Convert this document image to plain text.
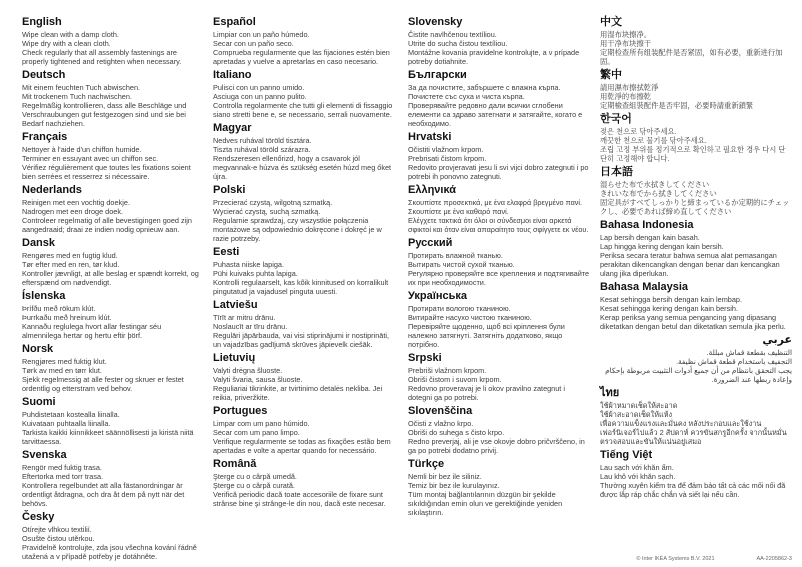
English
Wipe clean with a damp cloth.
Wipe dry with a clean cloth.
Check regularly that all assembly fastenings are properly tightened and retighten when necessary.
Deutsch
Mit einem feuchten Tuch abwischen.
Mit trockenem Tuch nachwischen.
Regelmäßig kontrollieren, dass alle Beschläge und Verschraubungen gut festgezogen sind und sie bei Bedarf nachziehen.
Français
Nettoyer à l'aide d'un chiffon humide.
Terminer en essuyant avec un chiffon sec.
Vérifiez régulièrement que toutes les fixations soient bien serrées et resserrez si nécessaire.
Nederlands
Reinigen met een vochtig doekje.
Nadrogen met een droge doek.
Controleer regelmatig of alle bevestigingen goed zijn aangedraaid; draai ze indien nodig opnieuw aan.
Dansk
Rengøres med en fugtig klud.
Tør efter med en ren, tør klud.
Kontroller jævnligt, at alle beslag er spændt korrekt, og efterspænd om nødvendigt.
Íslenska
Þrífðu með rökum klút.
Þurrkaðu með hreinum klút.
Kannaðu reglulega hvort allar festingar séu almennilega hertar og hertu eftir þörf.
Norsk
Rengjøres med fuktig klut.
Tørk av med en tørr klut.
Sjekk regelmessig at alle fester og skruer er festet ordentlig og etterstram ved behov.
Suomi
Puhdistetaan kostealla liinalla.
Kuivataan puhtaalla liinalla.
Tarkista kaikki kiinnikkeet säännöllisesti ja kiristä niitä tarvittaessa.
Svenska
Rengör med fuktig trasa.
Eftertorka med torr trasa.
Kontrollera regelbundet att alla fästanordningar är ordentligt åtdragna, och dra åt dem på nytt när det behövs.
Česky
Otírejte vlhkou textilií.
Osušte čistou utěrkou.
Pravidelně kontrolujte, zda jsou všechna kování řádně utažená a v případě potřeby je dotáhněte.
Español
Limpiar con un paño húmedo.
Secar con un paño seco.
Comprueba regularmente que las fijaciones estén bien apretadas y vuelve a apretarlas en caso necesario.
Italiano
Pulisci con un panno umido.
Asciuga con un panno pulito.
Controlla regolarmente che tutti gli elementi di fissaggio siano stretti bene e, se necessario, serrali nuovamente.
Magyar
Nedves ruhával töröld tisztára.
Tiszta ruhával töröld szárazra.
Rendszeresen ellenőrizd, hogy a csavarok jól megvannak-e húzva és szükség esetén húzd meg őket újra.
Polski
Przecierać czystą, wilgotną szmatką.
Wycierać czystą, suchą szmatką.
Regularnie sprawdzaj, czy wszystkie połączenia montażowe są odpowiednio dokręcone i dokręć je w razie potrzeby.
Eesti
Puhasta niiske lapiga.
Pühi kuivaks puhta lapiga.
Kontrolli regulaarselt, kas kõik kinnitused on korralikult pingutatud ja vajadusel pinguta uuesti.
Latviešu
Tīrīt ar mitru drānu.
Noslaucīt ar tīru drānu.
Regulāri jāpārbauda, vai visi stiprinājumi ir nostiprināti, un vajadzības gadījumā skrūves jāpievelk ciešāk.
Lietuvių
Valyti drėgna šluoste.
Valyti švaria, sausa šluoste.
Reguliariai tikrinkite, ar tvirtinimo detalės nekliba. Jei reikia, priveržkite.
Portugues
Limpar com um pano húmido.
Secar com um pano limpo.
Verifique regularmente se todas as fixações estão bem apertadas e volte a apertar quando for necessário.
Română
Şterge cu o cârpă umedă.
Şterge cu o cârpă curată.
Verifică periodic dacă toate accesoriile de fixare sunt strânse bine şi strânge-le din nou, dacă este necesar.
Slovensky
Čistite navlhčenou textíliou.
Utrite do sucha čistou textíliou.
Montážne kovania pravidelne kontrolujte, a v prípade potreby dotiahnite.
Български
За да почистите, забършете с влажна кърпа.
Почистете със суха и чиста кърпа.
Проверявайте редовно дали всички сглобени елементи са здраво затегнати и затягайте, когато е необходимо.
Hrvatski
Očistiti vlažnom krpom.
Prebrisati čistom krpom.
Redovito provjeravati jesu li svi vijci dobro zategnuti i po potrebi ih ponovno zategnuti.
Ελληνικά
Σκουπίστε προσεκτικά, με ένα ελαφρά βρεγμένο πανί.
Σκουπίστε με ένα καθαρό πανί.
Ελέγχετε τακτικά ότι όλοι οι σύνδεσμοι είναι αρκετά σφικτοί και όταν είναι απαραίτητο τους σφίγγετε εκ νέου.
Русский
Протирать влажной тканью.
Вытирать чистой сухой тканью.
Регулярно проверяйте все крепления и подтягивайте их при необходимости.
Українська
Протирати вологою тканиною.
Витирайте насухо чистою тканиною.
Перевіряйте щоденно, щоб всі кріплення були належно затягнуті. Затягніть додатково, якщо потрібно.
Srpski
Prebriši vlažnom krpom.
Obriši čistom i suvom krpom.
Redovno proveravaj je li okov pravilno zategnut i dotegni ga po potrebi.
Slovenščina
Očisti z vlažno krpo.
Obriši do suhega s čisto krpo.
Redno preverjaj, ali je vse okovje dobro pričvrščeno, in ga po potrebi dodatno privij.
Türkçe
Nemli bir bez ile siliniz.
Temiz bir bez ile kurulayınız.
Tüm montaj bağlantılarının düzgün bir şekilde sıkıldığından emin olun ve gerektiğinde yeniden sıkılaştırın.
中文
用湿布块擦净。
用干净布块擦干
定期检查所有组装配件是否紧固，如有必要，重新进行加固。
繁中
請用濕布擦拭乾淨
用乾淨的布擦乾
定期檢查組裝配件是否牢固，必要時請重新鎖緊
한국어
젖은 천으로 닦아주세요.
깨끗한 천으로 물기를 닦아주세요.
조립 고정 부위를 정기적으로 확인하고 필요한 경우 다시 단단히 고정해야 합니다.
日本語
湿らせた布で水拭きしてください
きれいな布でから拭きしてください
固定具がすべてしっかりと締まっているか定期的にチェックし、必要であれば締め直してください
Bahasa Indonesia
Lap bersih dengan kain basah.
Lap hingga kering dengan kain bersih.
Periksa secara teratur bahwa semua alat pemasangan perakitan dikencangkan dengan benar dan kencangkan ulang jika diperlukan.
Bahasa Malaysia
Kesat sehingga bersih dengan kain lembap.
Kesat sehingga kering dengan kain bersih.
Kerap periksa yang semua pengancing yang dipasang diketatkan dengan betul dan diketatkan semula jika perlu.
عربي
التنظيف بقطعة قماش مبللة.
التجفيف باستخدام قطعة قماش نظيفة.
يجب التحقق بانتظام من أن جميع أدوات التثبيت مربوطة بإحكام وإعادة ربطها عند الضرورة.
ไทย
ใช้ผ้าหมาดเช็ดให้สะอาด
ใช้ผ้าสะอาดเช็ดให้แห้ง
เพื่อความแข็งแรงและมั่นคง หลังประกอบและใช้งานเฟอร์นิเจอร์ไปแล้ว 2 สัปดาห์ ควรขันสกรูอีกครั้ง จากนั้นหมั่นตรวจสอบและขันให้แน่นอยู่เสมอ
Tiếng Việt
Lau sạch với khăn ẩm.
Lau khô với khăn sạch.
Thường xuyên kiểm tra để đảm bảo tất cả các mối nối đã được lắp ráp chắc chắn và siết lại nếu cần.
© Inter IKEA Systems B.V. 2021	AA-2205862-3
